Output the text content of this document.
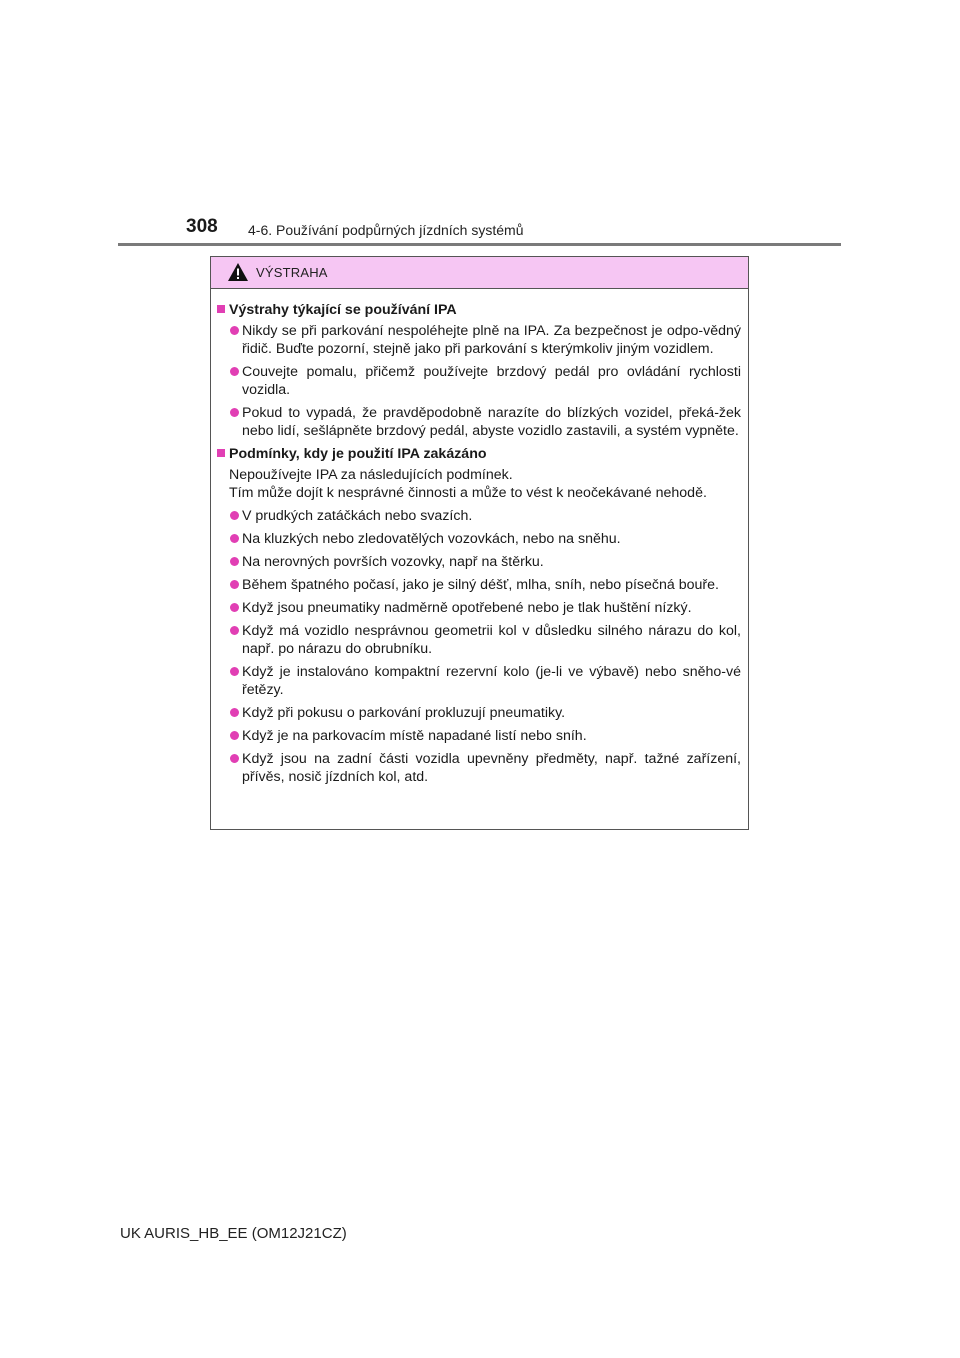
308 4-6. Používání podpůrných jízdních systémů
VÝSTRAHA
Výstrahy týkající se používání IPA
Nikdy se při parkování nespoléhejte plně na IPA. Za bezpečnost je odpo-vědný řidič. Buďte pozorní, stejně jako při parkování s kterýmkoliv jiným vozidlem.
Couvejte pomalu, přičemž používejte brzdový pedál pro ovládání rychlosti vozidla.
Pokud to vypadá, že pravděpodobně narazíte do blízkých vozidel, překá-žek nebo lidí, sešlápněte brzdový pedál, abyste vozidlo zastavili, a systém vypněte.
Podmínky, kdy je použití IPA zakázáno
Nepoužívejte IPA za následujících podmínek.
Tím může dojít k nesprávné činnosti a může to vést k neočekávané nehodě.
V prudkých zatáčkách nebo svazích.
Na kluzkých nebo zledovatělých vozovkách, nebo na sněhu.
Na nerovných površích vozovky, např na štěrku.
Během špatného počasí, jako je silný déšť, mlha, sníh, nebo písečná bouře.
Když jsou pneumatiky nadměrně opotřebené nebo je tlak huštění nízký.
Když má vozidlo nesprávnou geometrii kol v důsledku silného nárazu do kol, např. po nárazu do obrubníku.
Když je instalováno kompaktní rezervní kolo (je-li ve výbavě) nebo sněho-vé řetězy.
Když při pokusu o parkování prokluzují pneumatiky.
Když je na parkovacím místě napadané listí nebo sníh.
Když jsou na zadní části vozidla upevněny předměty, např. tažné zařízení, přívěs, nosič jízdních kol, atd.
UK AURIS_HB_EE (OM12J21CZ)
